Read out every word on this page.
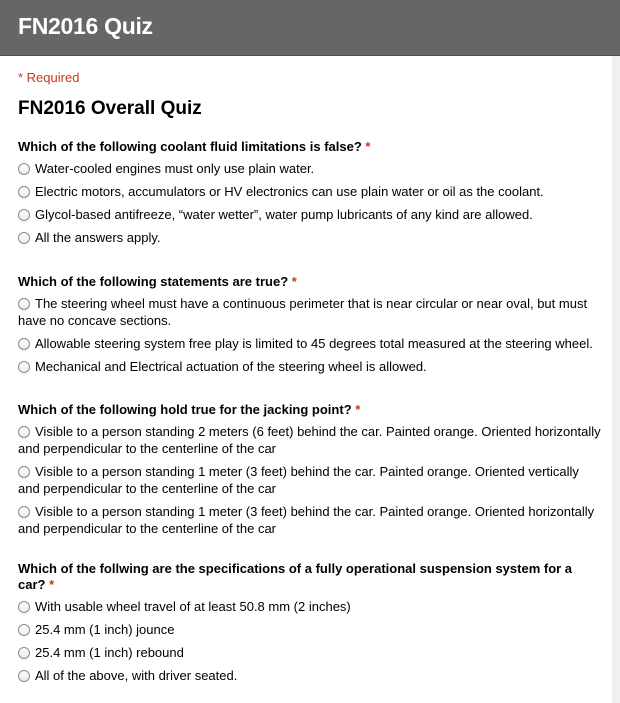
FN2016 Quiz
* Required
FN2016 Overall Quiz
Which of the following coolant fluid limitations is false? *
Water-cooled engines must only use plain water.
Electric motors, accumulators or HV electronics can use plain water or oil as the coolant.
Glycol-based antifreeze, “water wetter”, water pump lubricants of any kind are allowed.
All the answers apply.
Which of the following statements are true? *
The steering wheel must have a continuous perimeter that is near circular or near oval, but must have no concave sections.
Allowable steering system free play is limited to 45 degrees total measured at the steering wheel.
Mechanical and Electrical actuation of the steering wheel is allowed.
Which of the following hold true for the jacking point? *
Visible to a person standing 2 meters (6 feet) behind the car. Painted orange. Oriented horizontally and perpendicular to the centerline of the car
Visible to a person standing 1 meter (3 feet) behind the car. Painted orange. Oriented vertically and perpendicular to the centerline of the car
Visible to a person standing 1 meter (3 feet) behind the car. Painted orange. Oriented horizontally and perpendicular to the centerline of the car
Which of the follwing are the specifications of a fully operational suspension system for a car? *
With usable wheel travel of at least 50.8 mm (2 inches)
25.4 mm (1 inch) jounce
25.4 mm (1 inch) rebound
All of the above, with driver seated.
